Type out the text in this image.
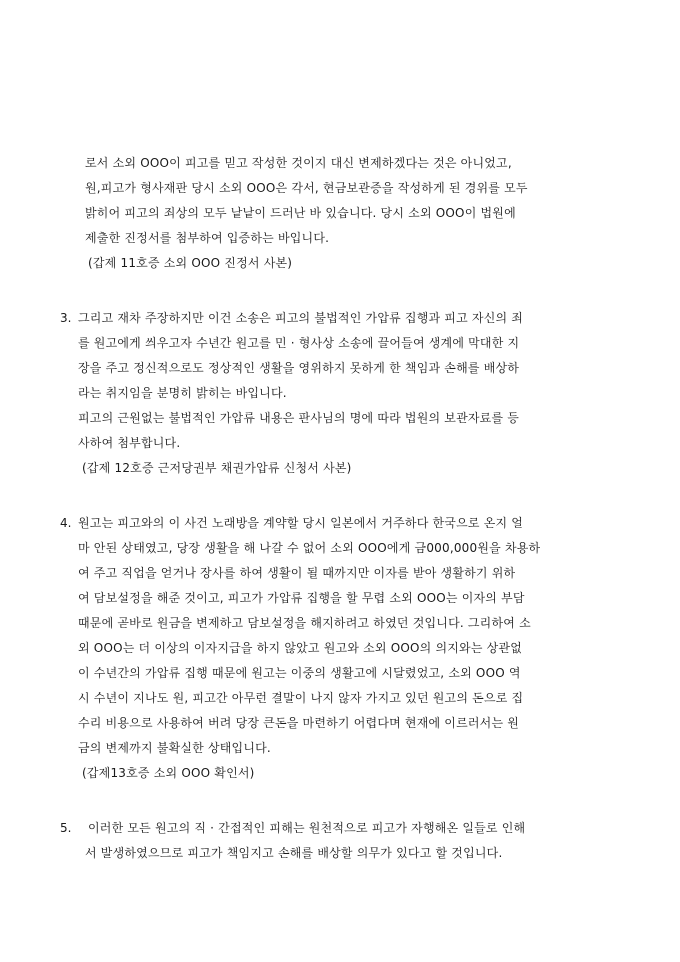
로서 소외 OOO이 피고를 믿고 작성한 것이지 대신 변제하겠다는 것은 아니었고,
원,피고가 형사재판 당시 소외 OOO은 각서, 현금보관증을 작성하게 된 경위를 모두
밝히어 피고의 죄상의 모두 낱낱이 드러난 바 있습니다. 당시 소외 OOO이 법원에
제출한 진정서를 첨부하여 입증하는 바입니다.
(갑제 11호증 소외 OOO 진정서 사본)
3. 그리고 재차 주장하지만 이건 소송은 피고의 불법적인 가압류 집행과 피고 자신의 죄
를 원고에게 씌우고자 수년간 원고를 민 · 형사상 소송에 끌어들여 생계에 막대한 지
장을 주고 정신적으로도 정상적인 생활을 영위하지 못하게 한 책임과 손해를 배상하
라는 취지임을 분명히 밝히는 바입니다.
피고의 근원없는 불법적인 가압류 내용은 판사님의 명에 따라 법원의 보관자료를 등
사하여 첨부합니다.
(갑제 12호증 근저당권부 채권가압류 신청서 사본)
4. 원고는 피고와의 이 사건 노래방을 계약할 당시 일본에서 거주하다 한국으로 온지 얼
마 안된 상태였고, 당장 생활을 해 나갈 수 없어 소외 OOO에게 금000,000원을 차용하
여 주고 직업을 얻거나 장사를 하여 생활이 될 때까지만 이자를 받아 생활하기 위하
여 담보설정을 해준 것이고, 피고가 가압류 집행을 할 무렵 소외 OOO는 이자의 부담
때문에 곧바로 원금을 변제하고 담보설정을 해지하려고 하였던 것입니다. 그리하여 소
외 OOO는 더 이상의 이자지급을 하지 않았고 원고와 소외 OOO의 의지와는 상관없
이 수년간의 가압류 집행 때문에 원고는 이중의 생활고에 시달렸었고, 소외 OOO 역
시 수년이 지나도 원, 피고간 아무런 결말이 나지 않자 가지고 있던 원고의 돈으로 집
수리 비용으로 사용하여 버려 당장 큰돈을 마련하기 어렵다며 현재에 이르러서는 원
금의 변제까지 불확실한 상태입니다.
(갑제13호증 소외 OOO 확인서)
5. 이러한 모든 원고의 직 · 간접적인 피해는 원천적으로 피고가 자행해온 일들로 인해
서 발생하였으므로 피고가 책임지고 손해를 배상할 의무가 있다고 할 것입니다.
